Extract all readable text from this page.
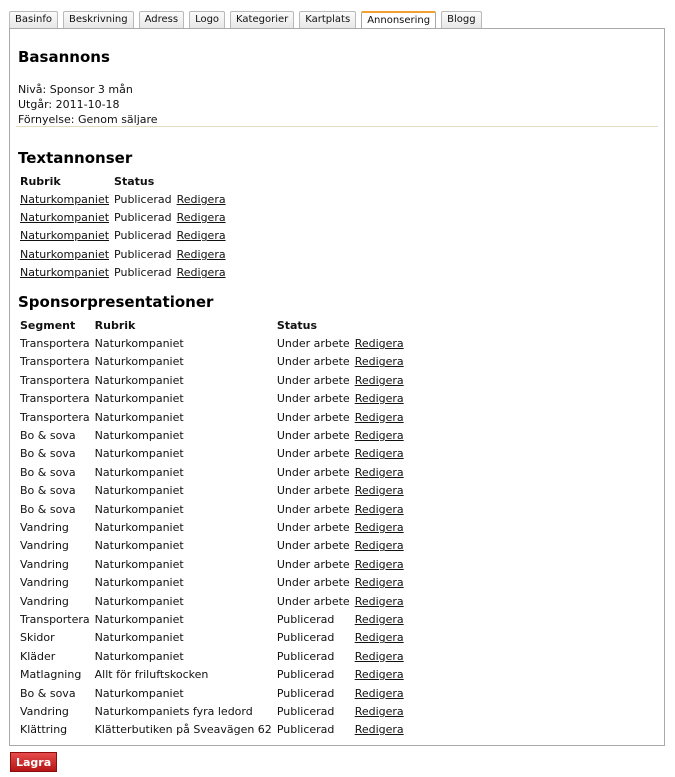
Basinfo	Beskrivning	Adress	Logo	Kategorier	Kartplats	Annonsering	Blogg
Basannons
Nivå: Sponsor 3 mån
Utgår: 2011-10-18
Förnyelse: Genom säljare
Textannonser
Rubrik	Status	
Naturkompaniet	Publicerad	Redigera
Naturkompaniet	Publicerad	Redigera
Naturkompaniet	Publicerad	Redigera
Naturkompaniet	Publicerad	Redigera
Naturkompaniet	Publicerad	Redigera
Sponsorpresentationer
Segment	Rubrik	Status	
Transportera	Naturkompaniet	Under arbete	Redigera
Transportera	Naturkompaniet	Under arbete	Redigera
Transportera	Naturkompaniet	Under arbete	Redigera
Transportera	Naturkompaniet	Under arbete	Redigera
Transportera	Naturkompaniet	Under arbete	Redigera
Bo & sova	Naturkompaniet	Under arbete	Redigera
Bo & sova	Naturkompaniet	Under arbete	Redigera
Bo & sova	Naturkompaniet	Under arbete	Redigera
Bo & sova	Naturkompaniet	Under arbete	Redigera
Bo & sova	Naturkompaniet	Under arbete	Redigera
Vandring	Naturkompaniet	Under arbete	Redigera
Vandring	Naturkompaniet	Under arbete	Redigera
Vandring	Naturkompaniet	Under arbete	Redigera
Vandring	Naturkompaniet	Under arbete	Redigera
Vandring	Naturkompaniet	Under arbete	Redigera
Transportera	Naturkompaniet	Publicerad	Redigera
Skidor	Naturkompaniet	Publicerad	Redigera
Kläder	Naturkompaniet	Publicerad	Redigera
Matlagning	Allt för friluftskocken	Publicerad	Redigera
Bo & sova	Naturkompaniet	Publicerad	Redigera
Vandring	Naturkompaniets fyra ledord	Publicerad	Redigera
Klättring	Klätterbutiken på Sveavägen 62	Publicerad	Redigera
Lagra
